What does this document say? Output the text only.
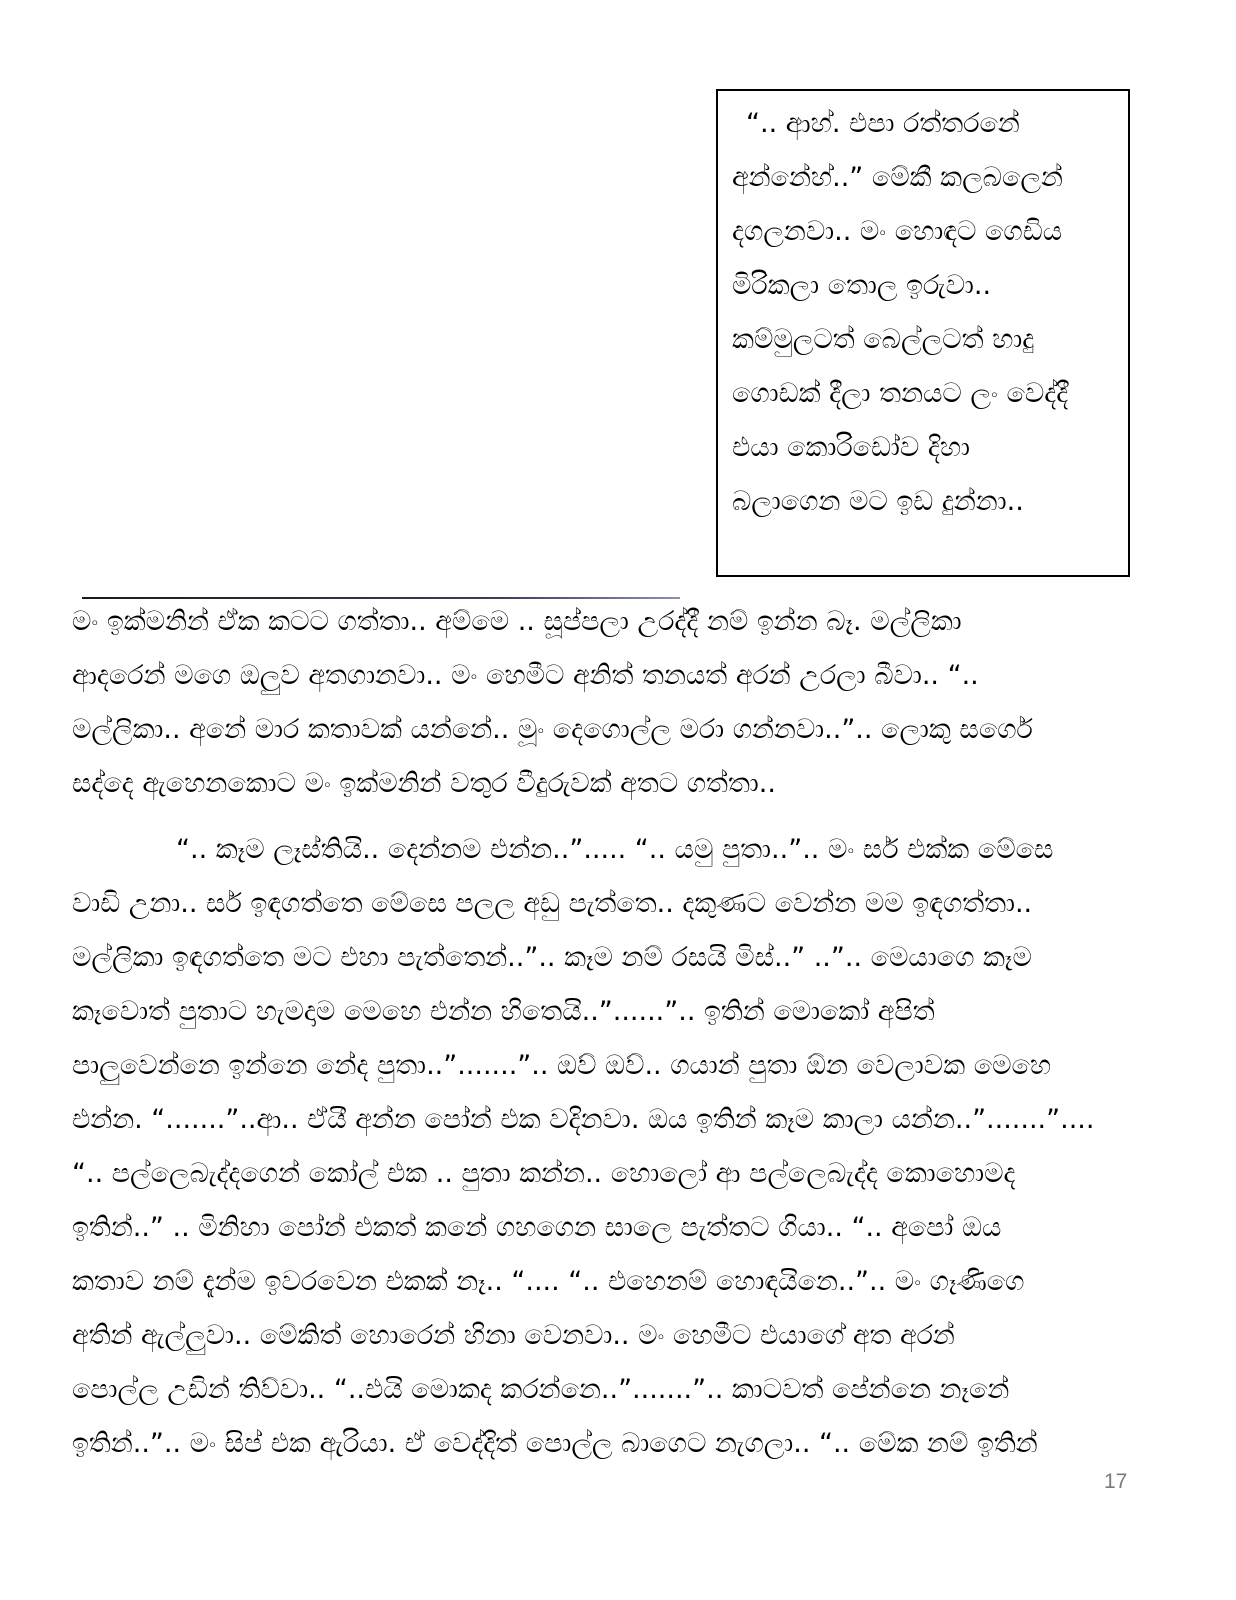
“.. ආහ්. එපා රත්තරනේ
අන්නේහ්..” මේකී කලබලෙන්
දගලනවා.. මං හොඳට ගෙඩිය
මිරිකලා තොල ඉරුවා..
කම්මුලටත් බෙල්ලටත් හාදු
ගොඩක් දීලා තනයට ලං වෙද්දී
එයා කොරිඩෝව දිහා
බලාගෙන මට ඉඩ දුන්නා..
මං ඉක්මනින් ඒක කටට ගත්තා.. අම්මෙ .. සූප්පලා උරද්දී නම් ඉන්න බෑ. මල්ලිකා
ආදරෙන් මගෙ ඔලුව අතගානවා.. මං හෙමීට අනිත් තනයත් අරන් උරලා බීවා.. “..
මල්ලිකා.. අනේ මාර කතාවක් යන්නේ.. මූං දෙගොල්ල මරා ගන්නවා..”.. ලොකු සර්ගෙ
සද්දෙ ඇහෙනකොට මං ඉක්මනින් වතුර වීදුරුවක් අතට ගත්තා..
“.. කෑම ලෑස්තියි.. දෙන්නම එන්න..”..... “.. යමු පුතා..”.. මං සර් එක්ක මේසෙ
වාඩි උනා.. සර් ඉඳගත්තෙ මේසෙ පලල අඩු පැත්තෙ.. දකුණට වෙන්න මම ඉඳගත්තා..
මල්ලිකා ඉඳගත්තෙ මට එහා පැත්තෙන්..”.. කෑම නම් රසයි මිස්..” ..”.. මෙයාගෙ කෑම
කෑවොත් පුතාට හැමදාම මෙහෙ එන්න හිතෙයි..”......”.. ඉතින් මොකෝ අපිත්
පාලුවෙන්නෙ ඉන්නෙ නේද පුතා..”.......”.. ඔව් ඔව්.. ගයාන් පුතා ඕන වෙලාවක මෙහෙ
එන්න. “.......”..ආ.. ඒයී අන්න පෝන් එක වදිනවා. ඔය ඉතින් කෑම කාලා යන්න..”.......”....
“.. පල්ලෙබැද්දගෙන් කෝල් එක .. පුතා කන්න.. හොලෝ ආ පල්ලෙබැද්ද කොහොමද
ඉතින්..” .. මිනිහා පෝන් එකත් කනේ ගහගෙන සාලෙ පැත්තට ගියා.. “.. අපෝ ඔය
කතාව නම් දැන්ම ඉවරවෙන එකක් නෑ.. “.... “.. එහෙනම් හොඳයිනෙ..”.. මං ගෑණිගෙ
අතින් ඇල්ලුවා.. මේකිත් හොරෙන් හිනා වෙනවා.. මං හෙමීට එයාගේ අත අරන්
පොල්ල උඩින් තිව්වා.. “..එයි මොකද කරන්නෙ..”.......”.. කාටවත් පේන්නෙ නෑනේ
ඉතින්..”.. මං සිප් එක ඇරියා. ඒ වෙද්දිත් පොල්ල බාගෙට නැගලා.. “.. මේක නම් ඉතින්
17
